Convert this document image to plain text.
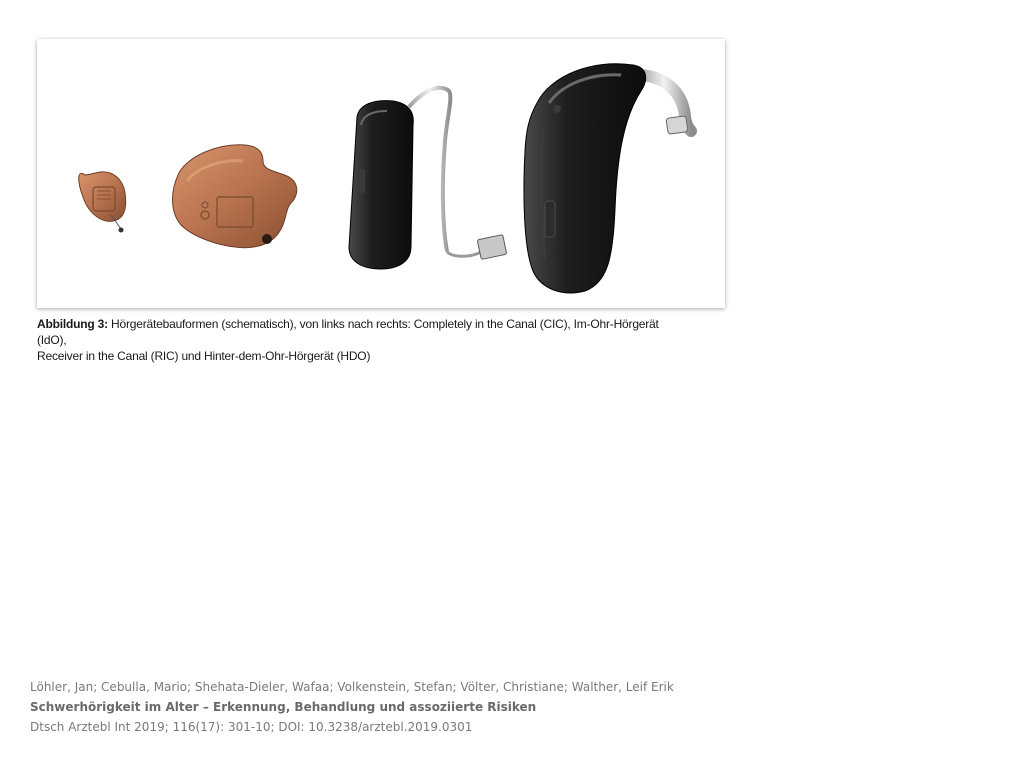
Abbildung 3: Hörgerätebauformen (schematisch), von links nach rechts: Completely in the Canal (CIC), Im-Ohr-Hörgerät (IdO),
Receiver in the Canal (RIC) und Hinter-dem-Ohr-Hörgerät (HDO)
Löhler, Jan; Cebulla, Mario; Shehata-Dieler, Wafaa; Volkenstein, Stefan; Völter, Christiane; Walther, Leif Erik
Schwerhörigkeit im Alter – Erkennung, Behandlung und assoziierte Risiken
Dtsch Arztebl Int 2019; 116(17): 301-10; DOI: 10.3238/arztebl.2019.0301
